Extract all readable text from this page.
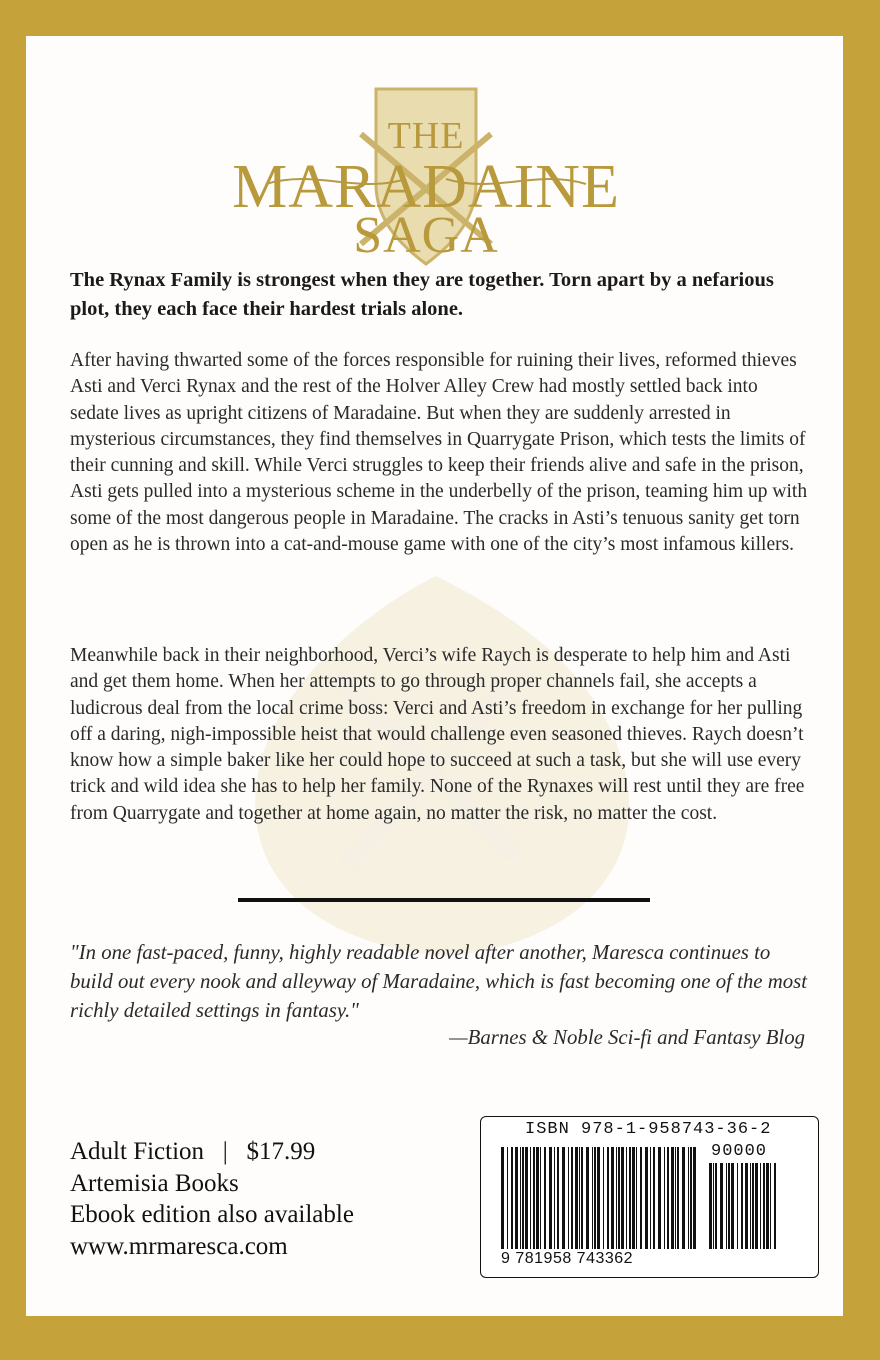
THE
MARADAINE
SAGA

The Rynax Family is strongest when they are together. Torn apart by a nefarious plot, they each face their hardest trials alone.

After having thwarted some of the forces responsible for ruining their lives, reformed thieves Asti and Verci Rynax and the rest of the Holver Alley Crew had mostly settled back into sedate lives as upright citizens of Maradaine. But when they are suddenly arrested in mysterious circumstances, they find themselves in Quarrygate Prison, which tests the limits of their cunning and skill. While Verci struggles to keep their friends alive and safe in the prison, Asti gets pulled into a mysterious scheme in the underbelly of the prison, teaming him up with some of the most dangerous people in Maradaine. The cracks in Asti’s tenuous sanity get torn open as he is thrown into a cat-and-mouse game with one of the city’s most infamous killers.

Meanwhile back in their neighborhood, Verci’s wife Raych is desperate to help him and Asti and get them home. When her attempts to go through proper channels fail, she accepts a ludicrous deal from the local crime boss: Verci and Asti’s freedom in exchange for her pulling off a daring, nigh-impossible heist that would challenge even seasoned thieves. Raych doesn’t know how a simple baker like her could hope to succeed at such a task, but she will use every trick and wild idea she has to help her family. None of the Rynaxes will rest until they are free from Quarrygate and together at home again, no matter the risk, no matter the cost.

"In one fast-paced, funny, highly readable novel after another, Maresca continues to build out every nook and alleyway of Maradaine, which is fast becoming one of the most richly detailed settings in fantasy."

—Barnes & Noble Sci-fi and Fantasy Blog
Adult Fiction   |   $17.99
Artemisia Books
Ebook edition also available
www.mrmaresca.com
ISBN 978-1-958743-36-2
90000
9 781958 743362
